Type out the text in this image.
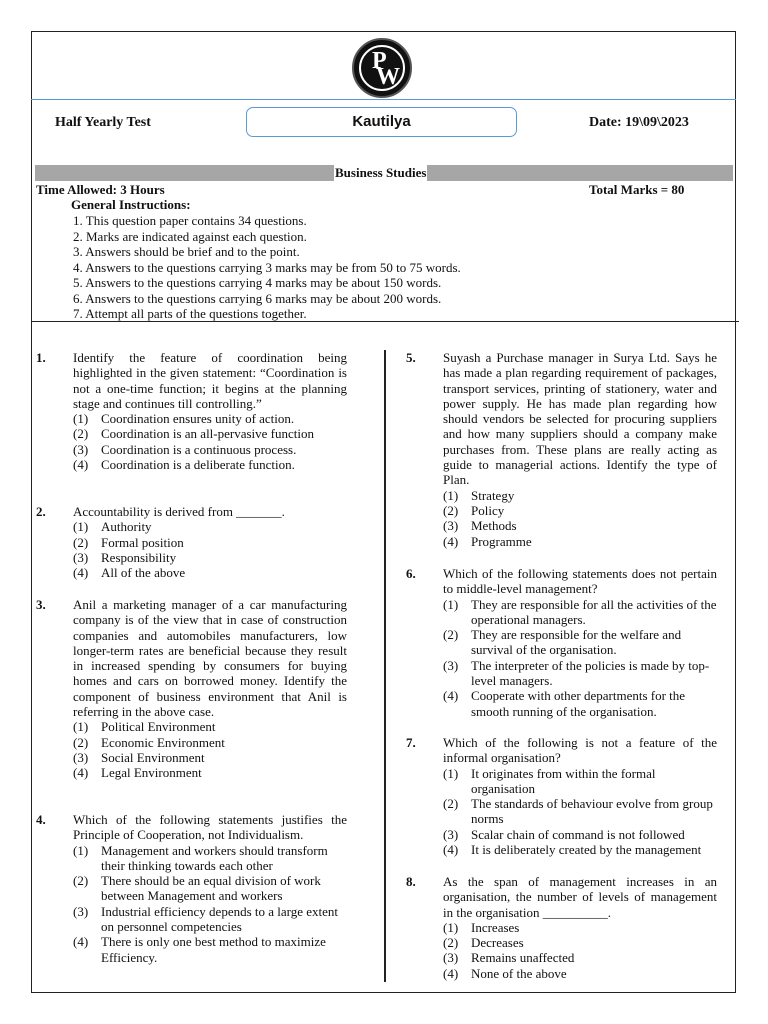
P
W
Half Yearly Test	Kautilya	Date: 19\09\2023
Business Studies
Time Allowed: 3 Hours	Total Marks = 80
General Instructions:
1. This question paper contains 34 questions.
2. Marks are indicated against each question.
3. Answers should be brief and to the point.
4. Answers to the questions carrying 3 marks may be from 50 to 75 words.
5. Answers to the questions carrying 4 marks may be about 150 words.
6. Answers to the questions carrying 6 marks may be about 200 words.
7. Attempt all parts of the questions together.
1. Identify the feature of coordination being highlighted in the given statement: “Coordination is not a one-time function; it begins at the planning stage and continues till controlling.”
(1) Coordination ensures unity of action.
(2) Coordination is an all-pervasive function
(3) Coordination is a continuous process.
(4) Coordination is a deliberate function.
2. Accountability is derived from _______.
(1) Authority
(2) Formal position
(3) Responsibility
(4) All of the above
3. Anil a marketing manager of a car manufacturing company is of the view that in case of construction companies and automobiles manufacturers, low longer-term rates are beneficial because they result in increased spending by consumers for buying homes and cars on borrowed money. Identify the component of business environment that Anil is referring in the above case.
(1) Political Environment
(2) Economic Environment
(3) Social Environment
(4) Legal Environment
4. Which of the following statements justifies the Principle of Cooperation, not Individualism.
(1) Management and workers should transform their thinking towards each other
(2) There should be an equal division of work between Management and workers
(3) Industrial efficiency depends to a large extent on personnel competencies
(4) There is only one best method to maximize Efficiency.
5. Suyash a Purchase manager in Surya Ltd. Says he has made a plan regarding requirement of packages, transport services, printing of stationery, water and power supply. He has made plan regarding how should vendors be selected for procuring suppliers and how many suppliers should a company make purchases from. These plans are really acting as guide to managerial actions. Identify the type of Plan.
(1) Strategy
(2) Policy
(3) Methods
(4) Programme
6. Which of the following statements does not pertain to middle-level management?
(1) They are responsible for all the activities of the operational managers.
(2) They are responsible for the welfare and survival of the organisation.
(3) The interpreter of the policies is made by top-level managers.
(4) Cooperate with other departments for the smooth running of the organisation.
7. Which of the following is not a feature of the informal organisation?
(1) It originates from within the formal organisation
(2) The standards of behaviour evolve from group norms
(3) Scalar chain of command is not followed
(4) It is deliberately created by the management
8. As the span of management increases in an organisation, the number of levels of management in the organisation __________.
(1) Increases
(2) Decreases
(3) Remains unaffected
(4) None of the above
